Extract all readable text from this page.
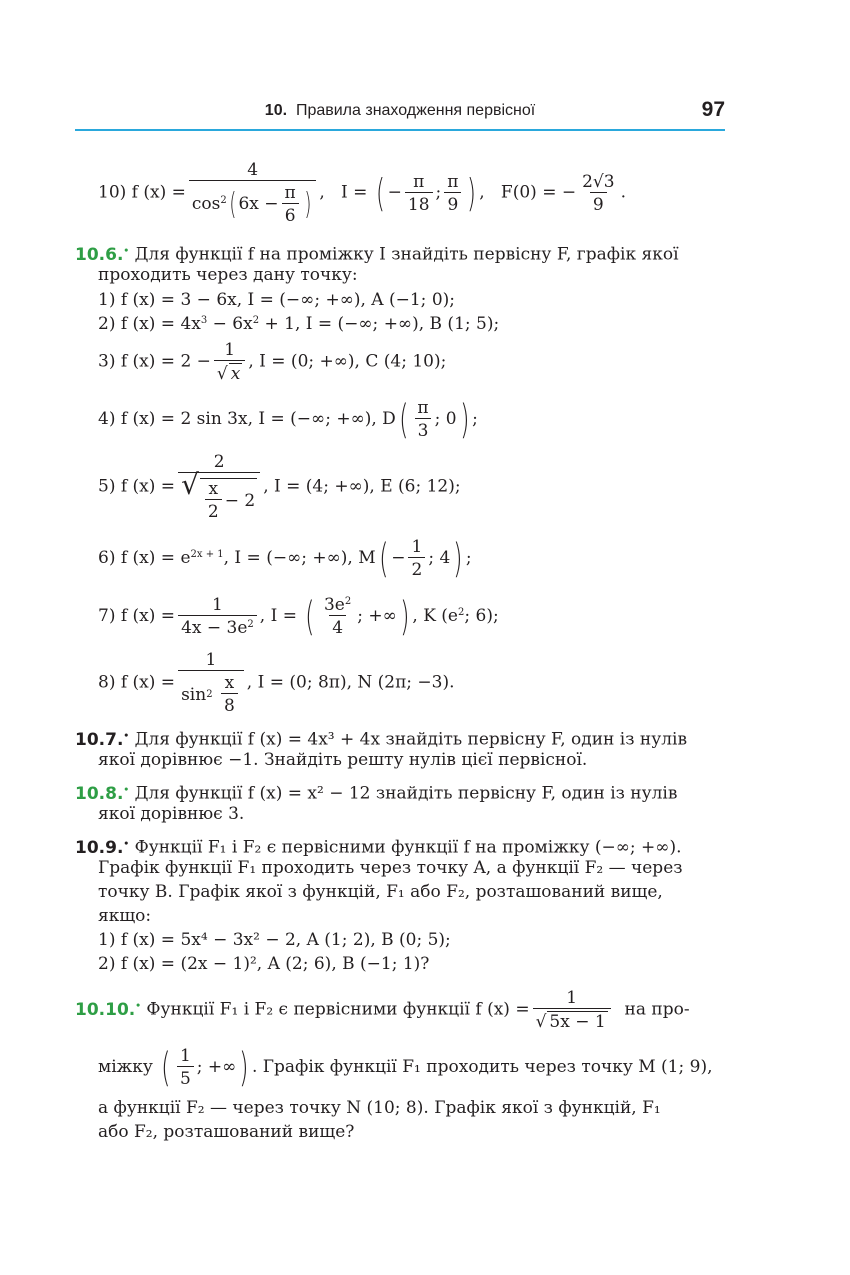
10. Правила знаходження первісної	97
10) f $(x) = \frac{4}{\cos^2( 6x - \frac{\pi}{6} )}$ ,   I = ( − $\frac{\pi}{18}$ ; $\frac{\pi}{9}$ ) ,   F(0) = − $\frac{2√3}{9}$ .
10.6.• Для функції f на проміжку I знайдіть первісну F, графік якої
проходить через дану точку:
1) f (x) = 3 − 6x, I = (−∞; +∞), A (−1; 0);
2) f $(x) = 4x^3 - 6x^2 + 1$, I = (−∞; +∞), B (1; 5);
3) f $(x) = 2 - \frac{1}{√ x}$ , I = (0; +∞), C (4; 10);
4) f (x) = 2 sin 3x, I = (−∞; +∞), $D( \frac{\pi}{3}$ ; 0) ;
5) f $(x) = \frac{2}{√ \frac{x}{2} - 2}$ , I = (4; +∞), E (6; 12);
6) f $(x) = e^{2x + 1}$, I = (−∞; +∞), $M( - \frac{1}{2}$ ; 4) ;
7) f $(x) = \frac{1}{4x - 3e^2}$ , I = ( $\frac{3e^2}{4}$ ; +∞) , K ($e^2$; 6);
8) f (x) = 1
sin 2
$\frac{x}{8}$ , I = (0; 8π), N (2π; −3).
10.7.• Для функції f (x) = 4x³ + 4x знайдіть первісну F, один із нулів
якої дорівнює −1. Знайдіть решту нулів цієї первісної.
10.8.• Для функції f (x) = x² − 12 знайдіть первісну F, один із нулів
якої дорівнює 3.
10.9.• Функції F₁ і F₂ є первісними функції f на проміжку (−∞; +∞).
Графік функції F₁ проходить через точку A, а функції F₂ — через
точку B. Графік якої з функцій, F₁ або F₂, розташований вище,
якщо:
1) f (x) = 5x⁴ − 3x² − 2, A (1; 2), B (0; 5);
2) f (x) = (2x − 1)², A (2; 6), B (−1; 1)?
10.10.• Функції F₁ і F₂ є первісними функції f $(x) = \frac{1}{√ 5x - 1}$ на про-
міжку ( $\frac{1}{5}$ ; +∞) . Графік функції F₁ проходить через точку M (1; 9),
а функції F₂ — через точку N (10; 8). Графік якої з функцій, F₁
або F₂, розташований вище?
